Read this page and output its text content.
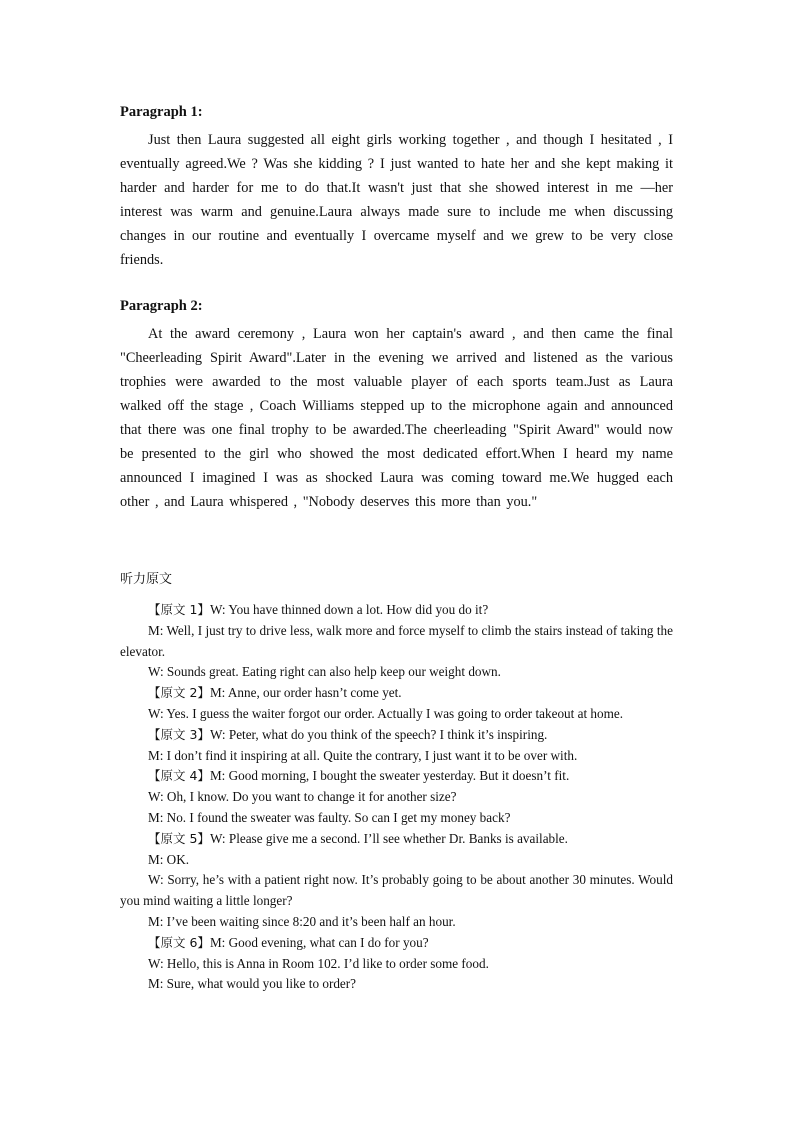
Paragraph 1:

Just then Laura suggested all eight girls working together , and though I hesitated , I eventually agreed.We ? Was she kidding ? I just wanted to hate her and she kept making it harder and harder for me to do that.It wasn't just that she showed interest in me —her interest was warm and genuine.Laura always made sure to include me when discussing changes in our routine and eventually I overcame myself and we grew to be very close friends.

Paragraph 2:

At the award ceremony , Laura won her captain's award , and then came the final "Cheerleading Spirit Award".Later in the evening we arrived and listened as the various trophies were awarded to the most valuable player of each sports team.Just as Laura walked off the stage , Coach Williams stepped up to the microphone again and announced that there was one final trophy to be awarded.The cheerleading "Spirit Award" would now be presented to the girl who showed the most dedicated effort.When I heard my name announced I imagined I was as shocked Laura was coming toward me.We hugged each other , and Laura whispered , "Nobody deserves this more than you."

听力原文
【原文 1】W: You have thinned down a lot. How did you do it?
M: Well, I just try to drive less, walk more and force myself to climb the stairs instead of taking the elevator.
W: Sounds great. Eating right can also help keep our weight down.
【原文 2】M: Anne, our order hasn’t come yet.
W: Yes. I guess the waiter forgot our order. Actually I was going to order takeout at home.
【原文 3】W: Peter, what do you think of the speech? I think it’s inspiring.
M: I don’t find it inspiring at all. Quite the contrary, I just want it to be over with.
【原文 4】M: Good morning, I bought the sweater yesterday. But it doesn’t fit.
W: Oh, I know. Do you want to change it for another size?
M: No. I found the sweater was faulty. So can I get my money back?
【原文 5】W: Please give me a second. I’ll see whether Dr. Banks is available.
M: OK.
W: Sorry, he’s with a patient right now. It’s probably going to be about another 30 minutes. Would you mind waiting a little longer?
M: I’ve been waiting since 8:20 and it’s been half an hour.
【原文 6】M: Good evening, what can I do for you?
W: Hello, this is Anna in Room 102. I’d like to order some food.
M: Sure, what would you like to order?
